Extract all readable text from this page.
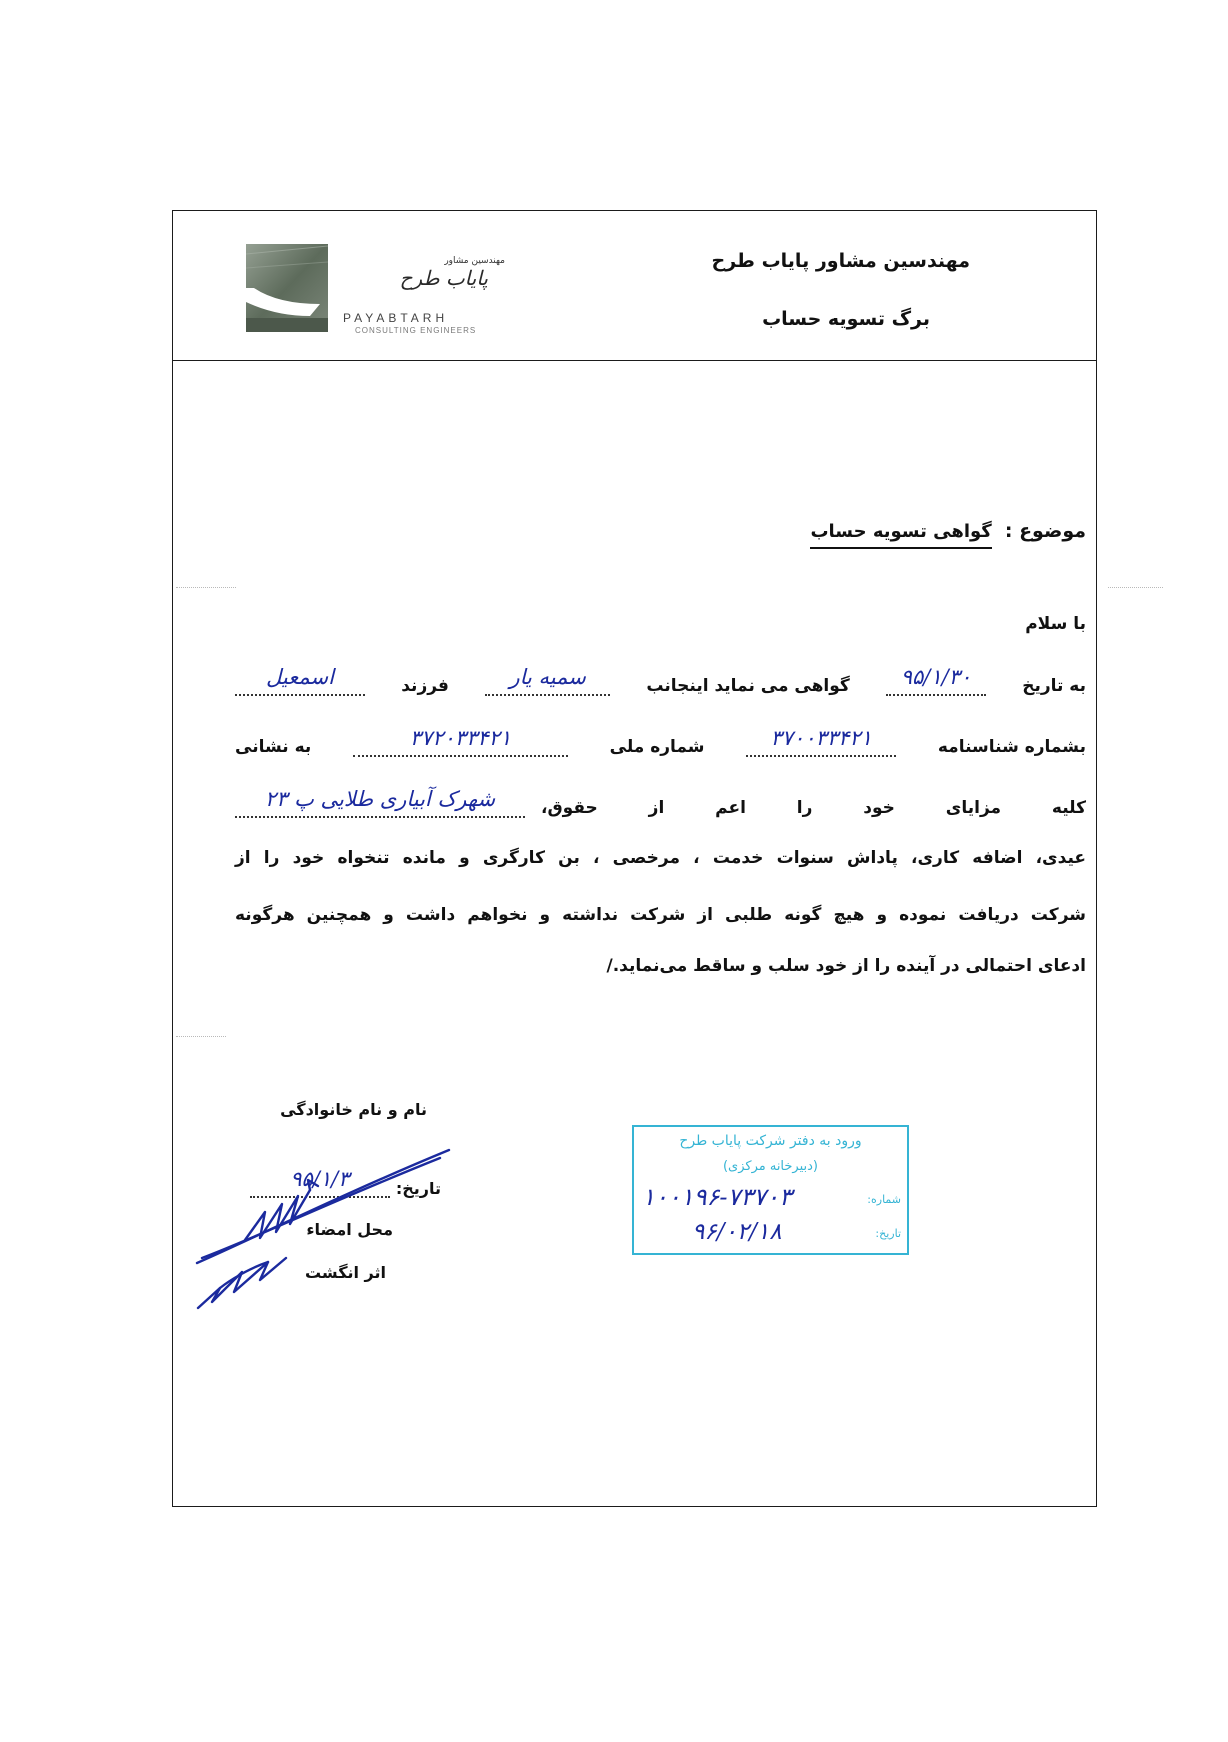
مهندسین مشاور پایاب طرح
برگ تسویه حساب
مهندسین مشاور
پایاب طرح
PAYABTARH
CONSULTING ENGINEERS
موضوع : گواهی تسویه حساب
با سلام
به تاریخ
۹۵/۱/۳۰
گواهی می نماید اینجانب
سمیه یار
فرزند
اسمعیل
بشماره شناسنامه
۳۷۰۰۳۳۴۲۱
شماره ملی
۳۷۲۰۳۳۴۲۱
به نشانی
کلیه مزایای خود را اعم از حقوق،
شهرک آبیاری طلایی پ ۲۳
عیدی، اضافه کاری، پاداش سنوات خدمت ، مرخصی ، بن کارگری و مانده تنخواه خود را از
شرکت دریافت نموده و هیچ گونه طلبی از شرکت نداشته و نخواهم داشت و همچنین هرگونه
ادعای احتمالی در آینده را از خود سلب و ساقط می‌نماید./
نام و نام خانوادگی
تاریخ:
۹۵/۱/۳
محل امضاء
اثر انگشت
ورود به دفتر شرکت پایاب طرح
(دبیرخانه مرکزی)
شماره:
۱۰۰۱۹۶-۷۳۷۰۳
تاریخ:
۹۶/۰۲/۱۸
